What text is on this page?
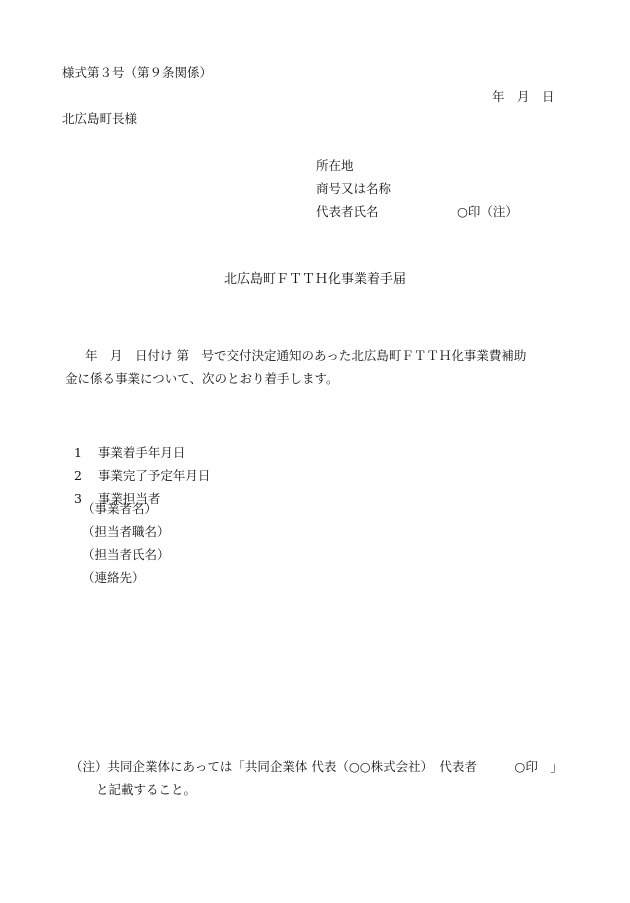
様式第３号（第９条関係）
年　月　日
北広島町長様
所在地
商号又は名称
代表者氏名	○印（注）
北広島町ＦＴＴＨ化事業着手届
年　月　日付け 第　号で交付決定通知のあった北広島町ＦＴＴＨ化事業費補助
金に係る事業について、次のとおり着手します。

1 事業着手年月日

2 事業完了予定年月日

3 事業担当者

（事業者名）
（担当者職名）
（担当者氏名）
（連絡先）
（注）共同企業体にあっては「共同企業体 代表（○○株式会社）　代表者　　　○印　」
と記載すること。
